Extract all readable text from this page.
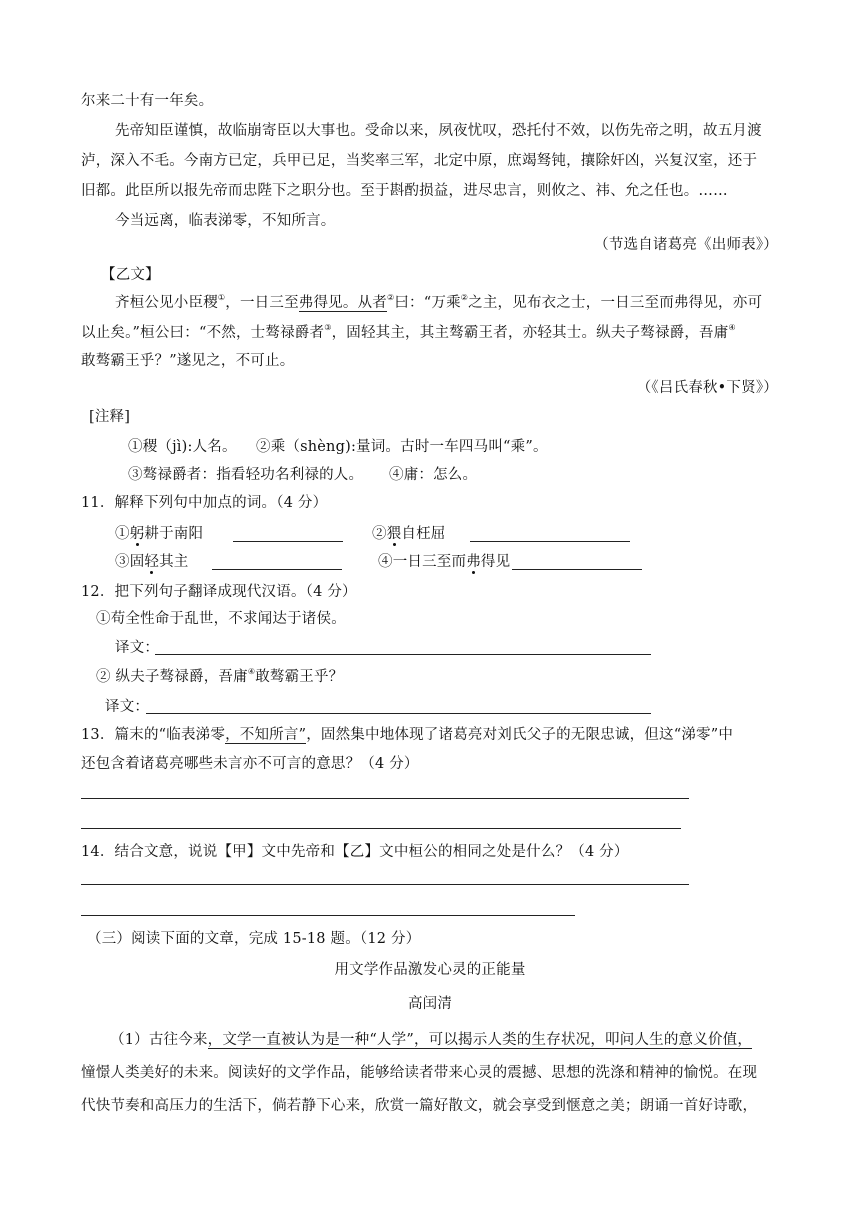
尔来二十有一年矣。
先帝知臣谨慎，故临崩寄臣以大事也。受命以来，夙夜忧叹，恐托付不效，以伤先帝之明，故五月渡
泸，深入不毛。今南方已定，兵甲已足，当奖率三军，北定中原，庶竭驽钝，攘除奸凶，兴复汉室，还于
旧都。此臣所以报先帝而忠陛下之职分也。至于斟酌损益，进尽忠言，则攸之、祎、允之任也。……
今当远离，临表涕零，不知所言。
（节选自诸葛亮《出师表》）
【乙文】
齐桓公见小臣稷①，一日三至弗得见。从者②曰：“万乘②之主，见布衣之士，一日三至而弗得见，亦可
以止矣。”桓公曰：“不然，士骜禄爵者③，固轻其主，其主骜霸王者，亦轻其士。纵夫子骜禄爵，吾庸④
敢骜霸王乎？”遂见之，不可止。
（《吕氏春秋•下贤》）
[注释]
①稷（jì):人名。 ②乘（shèng):量词。古时一车四马叫“乘”。
③骜禄爵者：指看轻功名利禄的人。 ④庸：怎么。
11．解释下列句中加点的词。（4 分）
①躬耕于南阳	②猥自枉屈
③固轻其主	④一日三至而弗得见
12．把下列句子翻译成现代汉语。（4 分）
①苟全性命于乱世，不求闻达于诸侯。
译文：
② 纵夫子骜禄爵，吾庸④敢骜霸王乎？
译文：
13．篇末的“临表涕零，不知所言”，固然集中地体现了诸葛亮对刘氏父子的无限忠诚，但这“涕零”中
还包含着诸葛亮哪些未言亦不可言的意思？（4 分）
14．结合文意，说说【甲】文中先帝和【乙】文中桓公的相同之处是什么？（4 分）
（三）阅读下面的文章，完成 15-18 题。（12 分）
用文学作品激发心灵的正能量
高闰清
（1）古往今来，文学一直被认为是一种“人学”，可以揭示人类的生存状况，叩问人生的意义价值，
憧憬人类美好的未来。阅读好的文学作品，能够给读者带来心灵的震撼、思想的洗涤和精神的愉悦。在现
代快节奏和高压力的生活下，倘若静下心来，欣赏一篇好散文，就会享受到惬意之美；朗诵一首好诗歌，
